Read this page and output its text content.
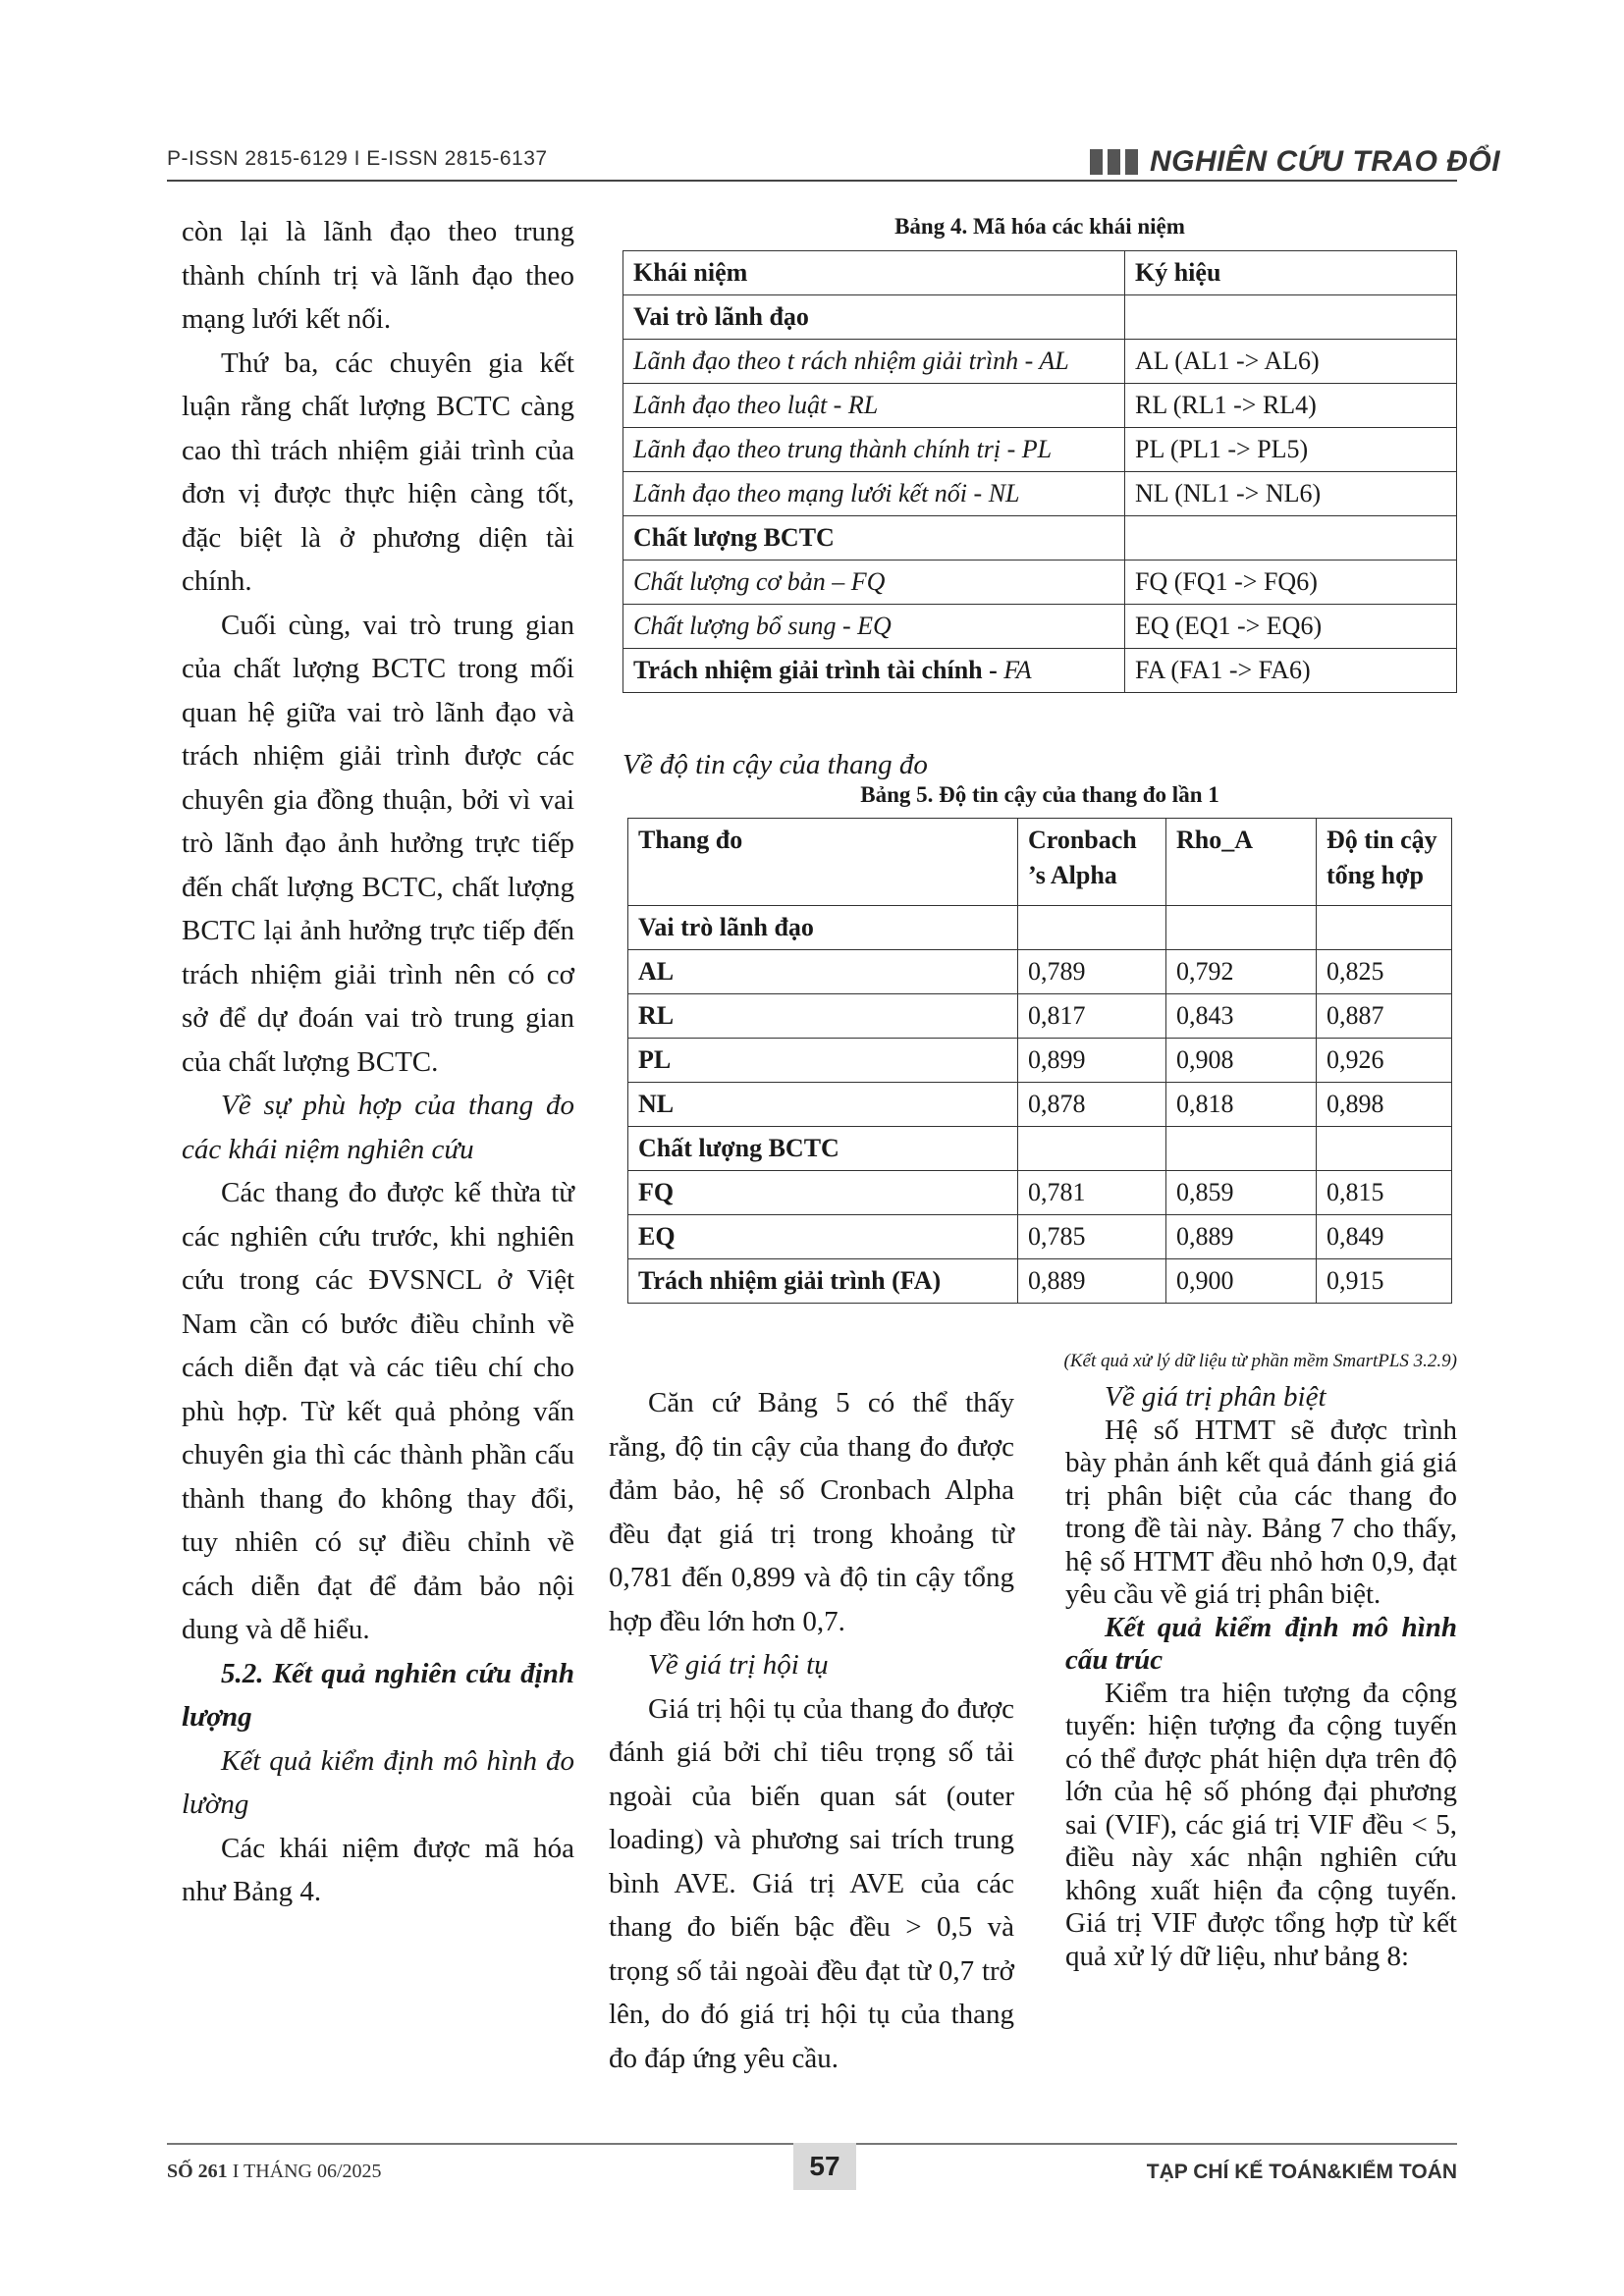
P-ISSN 2815-6129 I E-ISSN 2815-6137	NGHIÊN CỨU TRAO ĐỔI

còn lại là lãnh đạo theo trung thành chính trị và lãnh đạo theo mạng lưới kết nối.

Thứ ba, các chuyên gia kết luận rằng chất lượng BCTC càng cao thì trách nhiệm giải trình của đơn vị được thực hiện càng tốt, đặc biệt là ở phương diện tài chính.

Cuối cùng, vai trò trung gian của chất lượng BCTC trong mối quan hệ giữa vai trò lãnh đạo và trách nhiệm giải trình được các chuyên gia đồng thuận, bởi vì vai trò lãnh đạo ảnh hưởng trực tiếp đến chất lượng BCTC, chất lượng BCTC lại ảnh hưởng trực tiếp đến trách nhiệm giải trình nên có cơ sở để dự đoán vai trò trung gian của chất lượng BCTC.

Về sự phù hợp của thang đo các khái niệm nghiên cứu

Các thang đo được kế thừa từ các nghiên cứu trước, khi nghiên cứu trong các ĐVSNCL ở Việt Nam cần có bước điều chỉnh về cách diễn đạt và các tiêu chí cho phù hợp. Từ kết quả phỏng vấn chuyên gia thì các thành phần cấu thành thang đo không thay đổi, tuy nhiên có sự điều chỉnh về cách diễn đạt để đảm bảo nội dung và dễ hiểu.

5.2. Kết quả nghiên cứu định lượng

Kết quả kiểm định mô hình đo lường

Các khái niệm được mã hóa như Bảng 4.

Bảng 4. Mã hóa các khái niệm
Khái niệm	Ký hiệu
Vai trò lãnh đạo	
Lãnh đạo theo t rách nhiệm giải trình - AL	AL (AL1 -> AL6)
Lãnh đạo theo luật - RL	RL (RL1 -> RL4)
Lãnh đạo theo trung thành chính trị - PL	PL (PL1 -> PL5)
Lãnh đạo theo mạng lưới kết nối - NL	NL (NL1 -> NL6)
Chất lượng BCTC	
Chất lượng cơ bản – FQ	FQ (FQ1 -> FQ6)
Chất lượng bổ sung - EQ	EQ (EQ1 -> EQ6)
Trách nhiệm giải trình tài chính - FA	FA (FA1 -> FA6)
Về độ tin cậy của thang đo
Bảng 5. Độ tin cậy của thang đo lần 1
Thang đo	Cronbach ’s Alpha	Rho_A	Độ tin cậy tổng hợp
Vai trò lãnh đạo			
AL	0,789	0,792	0,825
RL	0,817	0,843	0,887
PL	0,899	0,908	0,926
NL	0,878	0,818	0,898
Chất lượng BCTC			
FQ	0,781	0,859	0,815
EQ	0,785	0,889	0,849
Trách nhiệm giải trình (FA)	0,889	0,900	0,915
(Kết quả xử lý dữ liệu từ phần mềm SmartPLS 3.2.9)

Căn cứ Bảng 5 có thể thấy rằng, độ tin cậy của thang đo được đảm bảo, hệ số Cronbach Alpha đều đạt giá trị trong khoảng từ 0,781 đến 0,899 và độ tin cậy tổng hợp đều lớn hơn 0,7.

Về giá trị hội tụ

Giá trị hội tụ của thang đo được đánh giá bởi chỉ tiêu trọng số tải ngoài của biến quan sát (outer loading) và phương sai trích trung bình AVE. Giá trị AVE của các thang đo biến bậc đều > 0,5 và trọng số tải ngoài đều đạt từ 0,7 trở lên, do đó giá trị hội tụ của thang đo đáp ứng yêu cầu.

Về giá trị phân biệt

Hệ số HTMT sẽ được trình bày phản ánh kết quả đánh giá giá trị phân biệt của các thang đo trong đề tài này. Bảng 7 cho thấy, hệ số HTMT đều nhỏ hơn 0,9, đạt yêu cầu về giá trị phân biệt.

Kết quả kiểm định mô hình cấu trúc

Kiểm tra hiện tượng đa cộng tuyến: hiện tượng đa cộng tuyến có thể được phát hiện dựa trên độ lớn của hệ số phóng đại phương sai (VIF), các giá trị VIF đều < 5, điều này xác nhận nghiên cứu không xuất hiện đa cộng tuyến. Giá trị VIF được tổng hợp từ kết quả xử lý dữ liệu, như bảng 8:

SỐ 261 I THÁNG 06/2025	57	TẠP CHÍ KẾ TOÁN&KIỂM TOÁN
